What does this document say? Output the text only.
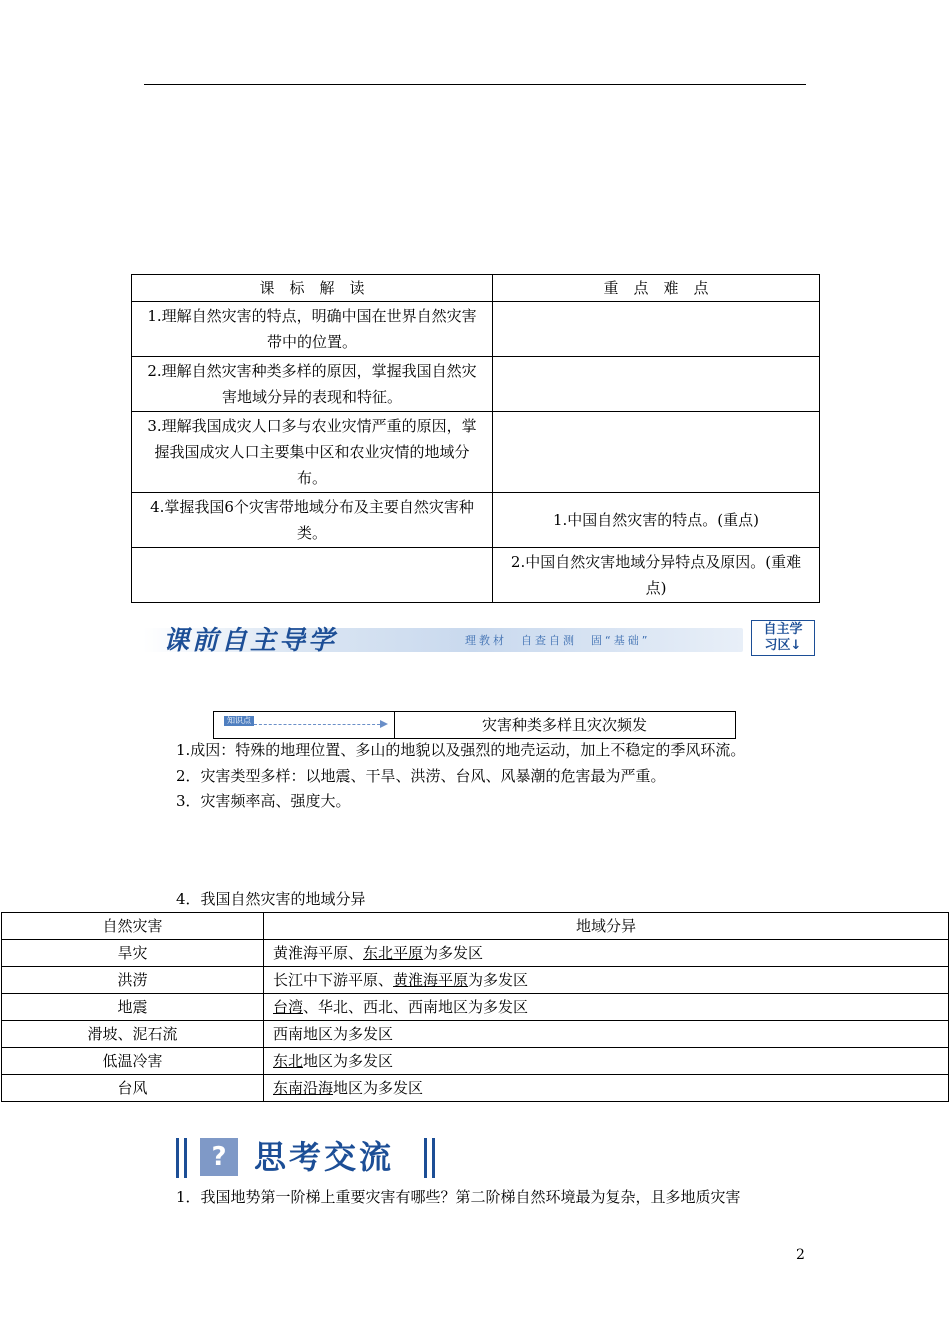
课　标　解　读	重　点　难　点
1.理解自然灾害的特点，明确中国在世界自然灾害带中的位置。	
2.理解自然灾害种类多样的原因，掌握我国自然灾害地域分异的表现和特征。	
3.理解我国成灾人口多与农业灾情严重的原因，掌握我国成灾人口主要集中区和农业灾情的地域分布。	
4.掌握我国6个灾害带地域分布及主要自然灾害种类。	1.中国自然灾害的特点。(重点)
	2.中国自然灾害地域分异特点及原因。(重难点)
课前自主导学	理教材　自查自测　固“基础”
自主学
习区↓
知识点	灾害种类多样且灾次频发
1.成因：特殊的地理位置、多山的地貌以及强烈的地壳运动，加上不稳定的季风环流。
2．灾害类型多样：以地震、干旱、洪涝、台风、风暴潮的危害最为严重。
3．灾害频率高、强度大。
4．我国自然灾害的地域分异
自然灾害	地域分异
旱灾	黄淮海平原、东北平原为多发区
洪涝	长江中下游平原、黄淮海平原为多发区
地震	台湾、华北、西北、西南地区为多发区
滑坡、泥石流	西南地区为多发区
低温冷害	东北地区为多发区
台风	东南沿海地区为多发区
? 思考交流
1．我国地势第一阶梯上重要灾害有哪些？第二阶梯自然环境最为复杂，且多地质灾害
2
